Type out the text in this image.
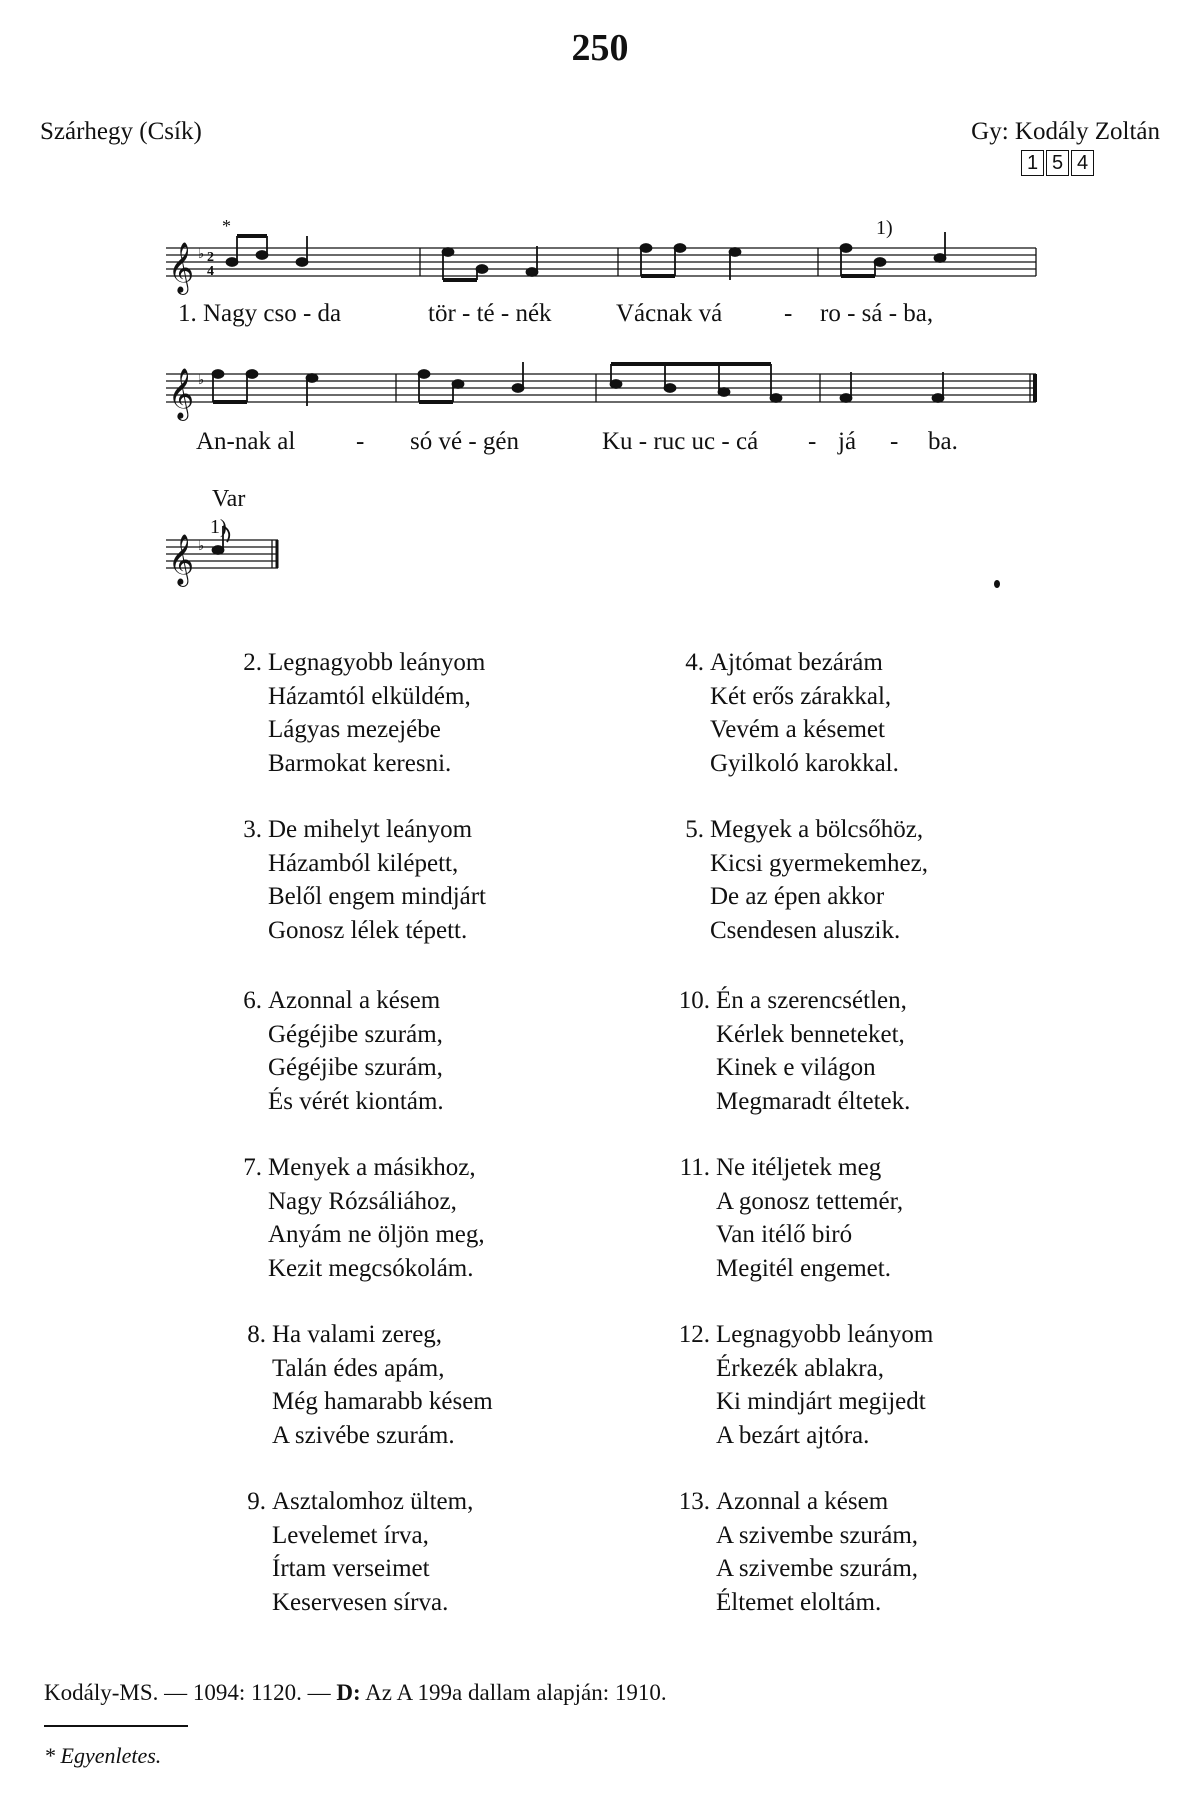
250
Szárhegy (Csík)	Gy: Kodály Zoltán
1 5 4
𝄞 ♭ 2
4
*	1)
1. Nagy cso - da	tör - té - nék	Vácnak vá - ro - sá - ba,
𝄞 ♭
An-nak al - só vé - gén	Ku - ruc uc - cá - já - ba.
Var
1)
𝄞 ♭
2. Legnagyobb leányom
Házamtól elküldém,
Lágyas mezejébe
Barmokat keresni.
3. De mihelyt leányom
Házamból kilépett,
Belől engem mindjárt
Gonosz lélek tépett.
6. Azonnal a késem
Gégéjibe szurám,
Gégéjibe szurám,
És vérét kiontám.
7. Menyek a másikhoz,
Nagy Rózsáliához,
Anyám ne öljön meg,
Kezit megcsókolám.
8. Ha valami zereg,
Talán édes apám,
Még hamarabb késem
A szivébe szurám.
9. Asztalomhoz ültem,
Levelemet írva,
Írtam verseimet
Keservesen sírva.
4. Ajtómat bezárám
Két erős zárakkal,
Vevém a késemet
Gyilkoló karokkal.
5. Megyek a bölcsőhöz,
Kicsi gyermekemhez,
De az épen akkor
Csendesen aluszik.
10. Én a szerencsétlen,
Kérlek benneteket,
Kinek e világon
Megmaradt éltetek.
11. Ne itéljetek meg
A gonosz tettemér,
Van itélő biró
Megitél engemet.
12. Legnagyobb leányom
Érkezék ablakra,
Ki mindjárt megijedt
A bezárt ajtóra.
13. Azonnal a késem
A szivembe szurám,
A szivembe szurám,
Éltemet eloltám.
Kodály-MS. — 1094: 1120. — D: Az A 199a dallam alapján: 1910.
* Egyenletes.
